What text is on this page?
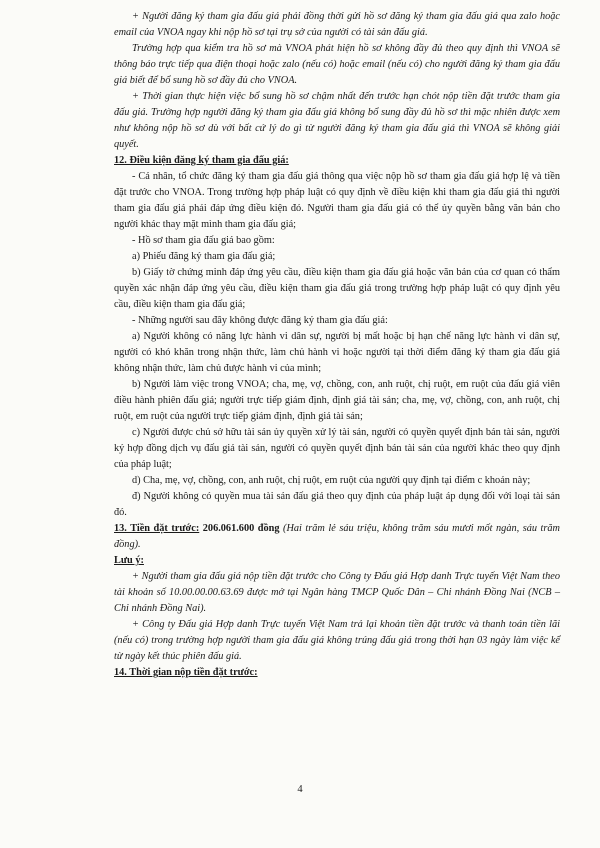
+ Người đăng ký tham gia đấu giá phải đồng thời gửi hồ sơ đăng ký tham gia đấu giá qua zalo hoặc email của VNOA ngay khi nộp hồ sơ tại trụ sở của người có tài sản đấu giá.

Trường hợp qua kiểm tra hồ sơ mà VNOA phát hiện hồ sơ không đầy đủ theo quy định thì VNOA sẽ thông báo trực tiếp qua điện thoại hoặc zalo (nếu có) hoặc email (nếu có) cho người đăng ký tham gia đấu giá biết để bổ sung hồ sơ đầy đủ cho VNOA.

+ Thời gian thực hiện việc bổ sung hồ sơ chậm nhất đến trước hạn chót nộp tiền đặt trước tham gia đấu giá. Trường hợp người đăng ký tham gia đấu giá không bổ sung đầy đủ hồ sơ thì mặc nhiên được xem như không nộp hồ sơ dù với bất cứ lý do gì từ người đăng ký tham gia đấu giá thì VNOA sẽ không giải quyết.

12. Điều kiện đăng ký tham gia đấu giá:

- Cá nhân, tổ chức đăng ký tham gia đấu giá thông qua việc nộp hồ sơ tham gia đấu giá hợp lệ và tiền đặt trước cho VNOA. Trong trường hợp pháp luật có quy định về điều kiện khi tham gia đấu giá thì người tham gia đấu giá phải đáp ứng điều kiện đó. Người tham gia đấu giá có thể ủy quyền bằng văn bản cho người khác thay mặt mình tham gia đấu giá;

- Hồ sơ tham gia đấu giá bao gồm:

a) Phiếu đăng ký tham gia đấu giá;

b) Giấy tờ chứng minh đáp ứng yêu cầu, điều kiện tham gia đấu giá hoặc văn bản của cơ quan có thẩm quyền xác nhận đáp ứng yêu cầu, điều kiện tham gia đấu giá trong trường hợp pháp luật có quy định yêu cầu, điều kiện tham gia đấu giá;

- Những người sau đây không được đăng ký tham gia đấu giá:

a) Người không có năng lực hành vi dân sự, người bị mất hoặc bị hạn chế năng lực hành vi dân sự, người có khó khăn trong nhận thức, làm chủ hành vi hoặc người tại thời điểm đăng ký tham gia đấu giá không nhận thức, làm chủ được hành vi của mình;

b) Người làm việc trong VNOA; cha, mẹ, vợ, chồng, con, anh ruột, chị ruột, em ruột của đấu giá viên điều hành phiên đấu giá; người trực tiếp giám định, định giá tài sản; cha, mẹ, vợ, chồng, con, anh ruột, chị ruột, em ruột của người trực tiếp giám định, định giá tài sản;

c) Người được chủ sở hữu tài sản ủy quyền xử lý tài sản, người có quyền quyết định bán tài sản, người ký hợp đồng dịch vụ đấu giá tài sản, người có quyền quyết định bán tài sản của người khác theo quy định của pháp luật;

d) Cha, mẹ, vợ, chồng, con, anh ruột, chị ruột, em ruột của người quy định tại điểm c khoản này;

đ) Người không có quyền mua tài sản đấu giá theo quy định của pháp luật áp dụng đối với loại tài sản đó.

13. Tiền đặt trước: 206.061.600 đồng (Hai trăm lẻ sáu triệu, không trăm sáu mươi mốt ngàn, sáu trăm đồng).

Lưu ý:

+ Người tham gia đấu giá nộp tiền đặt trước cho Công ty Đấu giá Hợp danh Trực tuyến Việt Nam theo tài khoản số 10.00.00.00.63.69 được mở tại Ngân hàng TMCP Quốc Dân – Chi nhánh Đồng Nai (NCB – Chi nhánh Đồng Nai).

+ Công ty Đấu giá Hợp danh Trực tuyến Việt Nam trả lại khoản tiền đặt trước và thanh toán tiền lãi (nếu có) trong trường hợp người tham gia đấu giá không trúng đấu giá trong thời hạn 03 ngày làm việc kể từ ngày kết thúc phiên đấu giá.

14. Thời gian nộp tiền đặt trước:

4
